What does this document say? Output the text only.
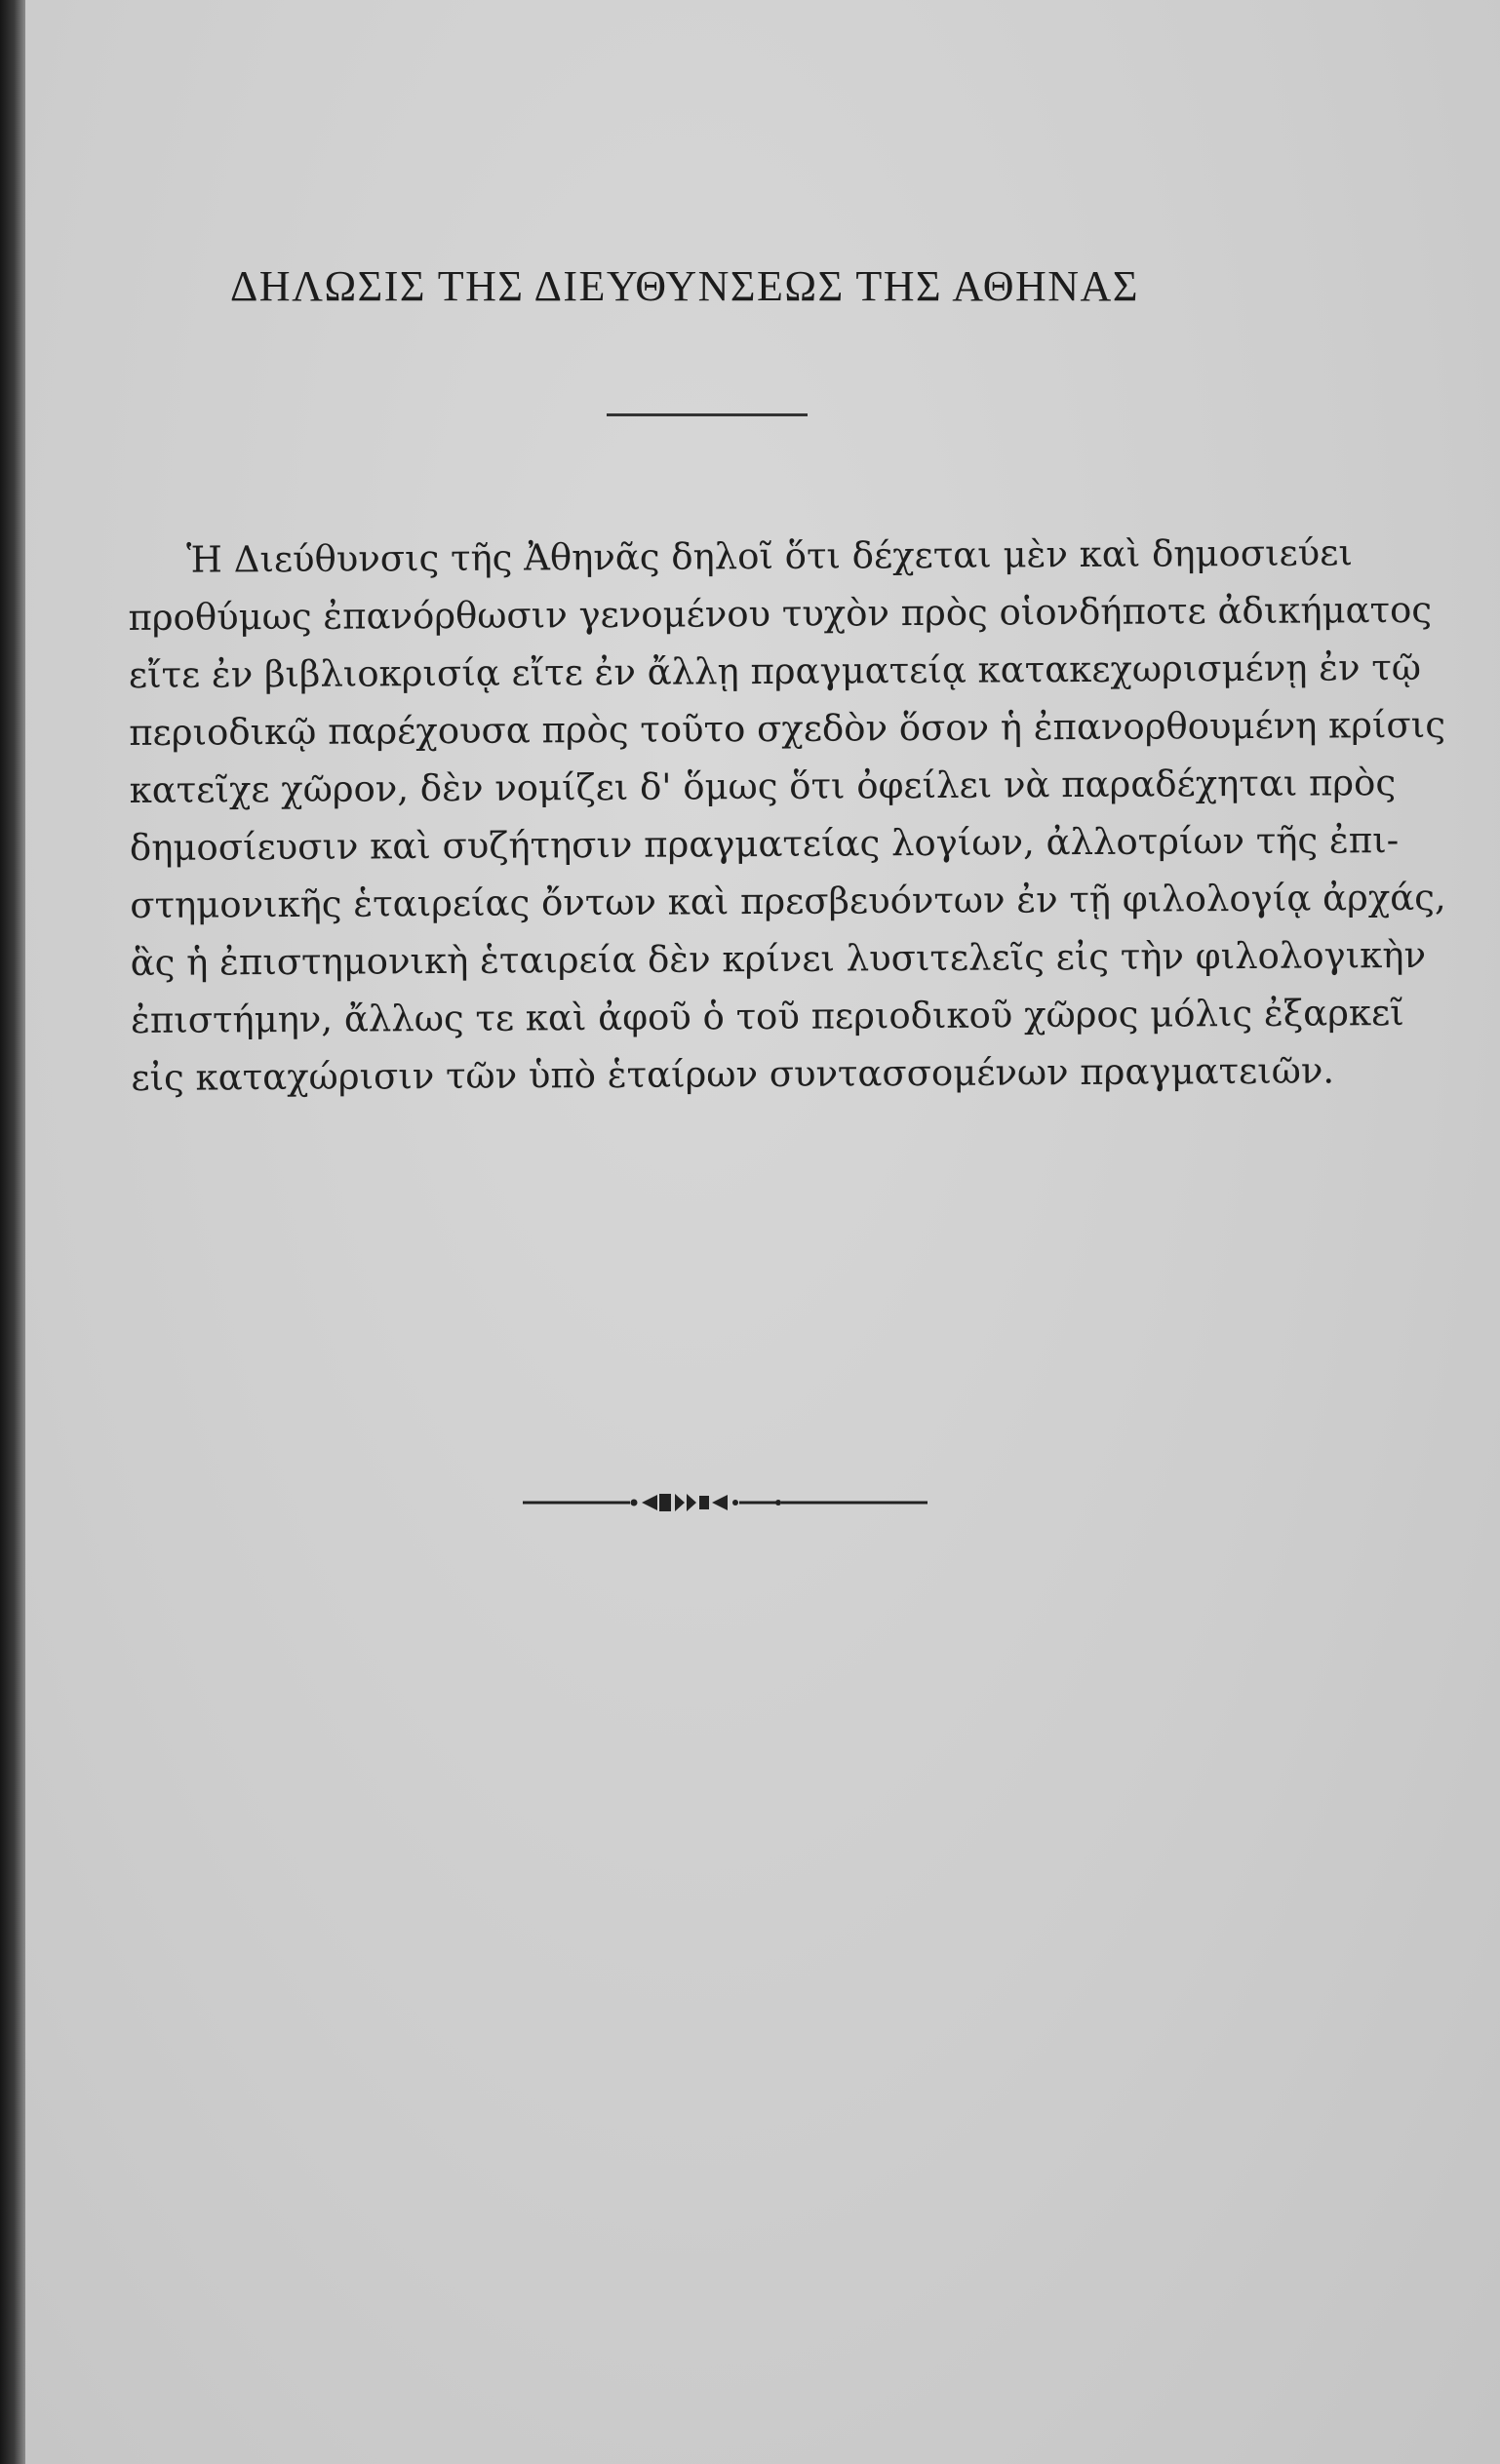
ΔΗΛΩΣΙΣ ΤΗΣ ΔΙΕΥΘΥΝΣΕΩΣ ΤΗΣ ΑΘΗΝΑΣ
Ἡ Διεύθυνσις τῆς Ἀθηνᾶς δηλοῖ ὅτι δέχεται μὲν καὶ δημοσιεύει
προθύμως ἐπανόρθωσιν γενομένου τυχὸν πρὸς οἱονδήποτε ἀδικήματος
εἴτε ἐν βιβλιοκρισίᾳ εἴτε ἐν ἄλλῃ πραγματείᾳ κατακεχωρισμένῃ ἐν τῷ
περιοδικῷ παρέχουσα πρὸς τοῦτο σχεδὸν ὅσον ἡ ἐπανορθουμένη κρίσις
κατεῖχε χῶρον, δὲν νομίζει δ' ὅμως ὅτι ὀφείλει νὰ παραδέχηται πρὸς
δημοσίευσιν καὶ συζήτησιν πραγματείας λογίων, ἀλλοτρίων τῆς ἐπι-
στημονικῆς ἑταιρείας ὄντων καὶ πρεσβευόντων ἐν τῇ φιλολογίᾳ ἀρχάς,
ἃς ἡ ἐπιστημονικὴ ἑταιρεία δὲν κρίνει λυσιτελεῖς εἰς τὴν φιλολογικὴν
ἐπιστήμην, ἄλλως τε καὶ ἀφοῦ ὁ τοῦ περιοδικοῦ χῶρος μόλις ἐξαρκεῖ
εἰς καταχώρισιν τῶν ὑπὸ ἑταίρων συντασσομένων πραγματειῶν.
